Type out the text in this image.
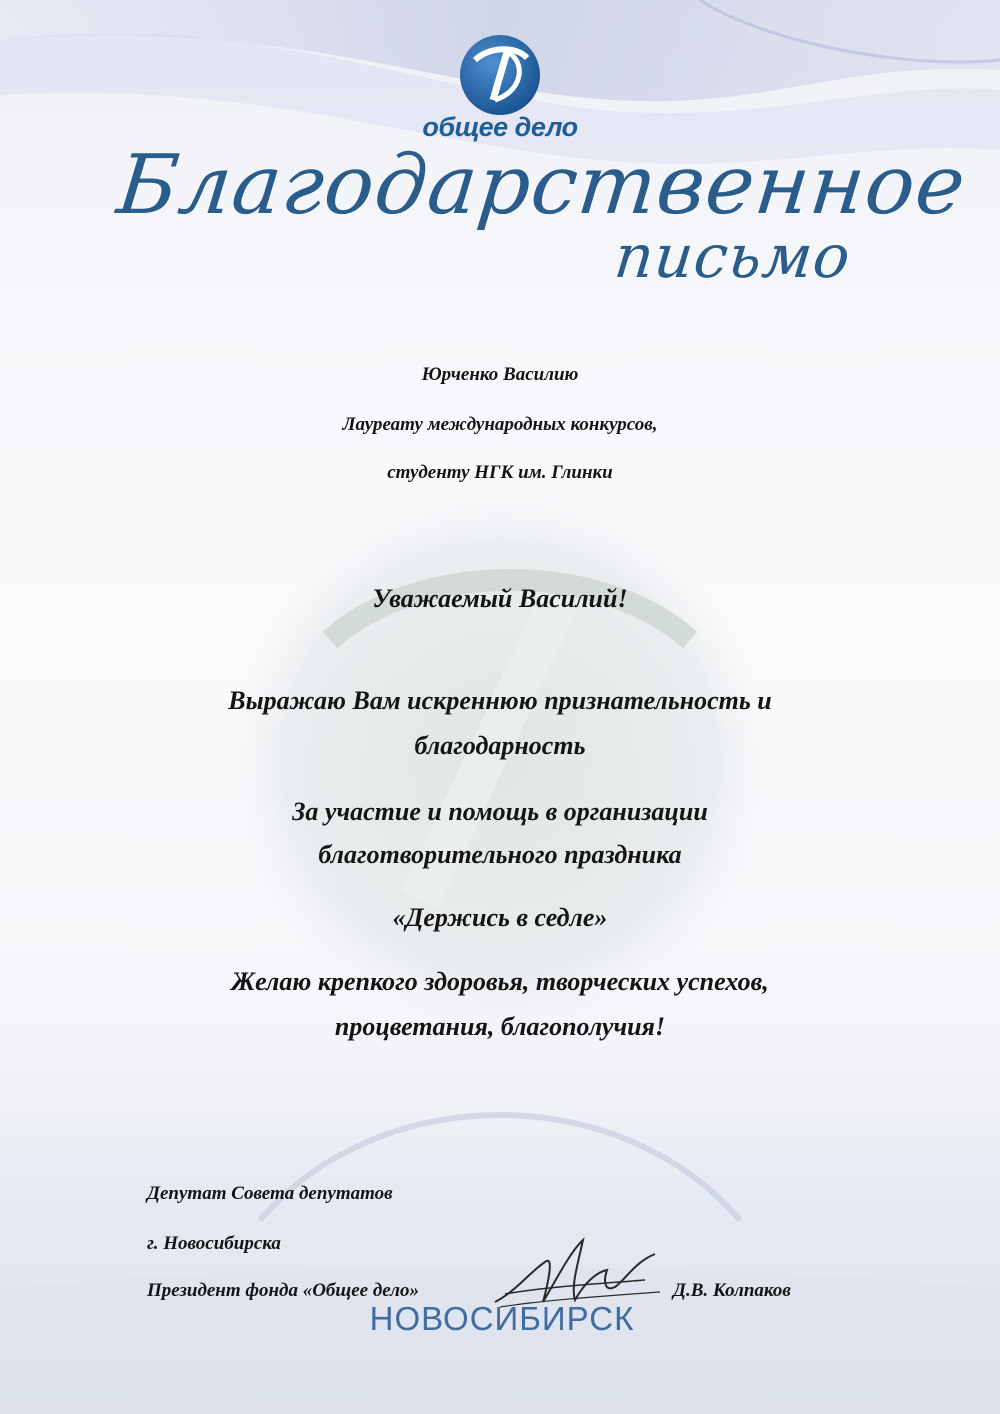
общее дело
Благодарственное
письмо
Юрченко Василию
Лауреату международных конкурсов,
студенту НГК им. Глинки
Уважаемый Василий!
Выражаю Вам искреннюю признательность и
благодарность
За участие и помощь в организации
благотворительного праздника
«Держись в седле»
Желаю крепкого здоровья, творческих успехов,
процветания, благополучия!
Депутат Совета депутатов
г. Новосибирска
Президент фонда «Общее дело»	Д.В. Колпаков
НОВОСИБИРСК
